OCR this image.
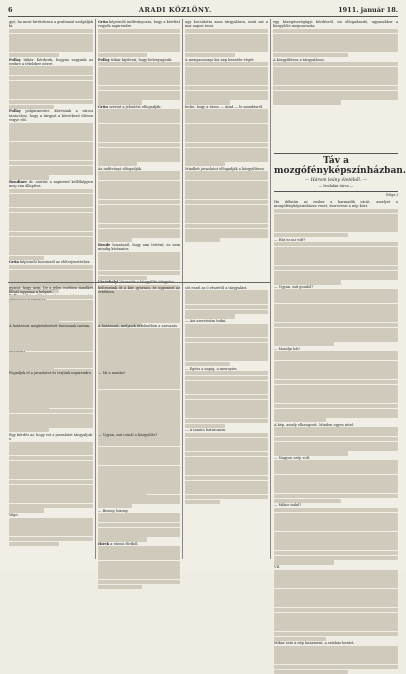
6	ARADI KÖZLÖNY.	1911. január 18.

gyó, ha most kivételesen a grafonnal szolgálják ki.

Pollay titkár. Kérdezik, hogyan vagyunk az ezekre a tételekre nézve.

Pollay polgármester. Kérésünk a városi tanácshoz, hogy a tárgyat a következő ülésen vegye elő.

Bendiner dr. szerint a napirend kellőképpen meg van állapítva.

Grün képviselő hozzászól az előterjesztéshez.

Grün képviselő indítványozza, hogy a kérdést vegyék napirendre.

Pollay titkár kijelenti, hogy belenyugszik.

Grün szerint a jelentést elfogadják.

Az indítványt elfogadják.

Bende hozzászól, hogy ami történt, az nem mindig kívánatos.

ugy bocsátotta azon tárgyalásra, mint azt a mai napon teszi.

A menyasszonyi kis nép beszéde végét.

lecke, hogy a város — Arad — le mondásról.

Mindkét javaslatot elfogadják a közgyűlésen.

egy közegészségügyi kérdésről, mi elfogadandó, ugyanakkor a közgyűlés megszavazta.

A közgyűlésen a tárgyaláson.

gyanit, hogy nem. De a jelen esetben mindkét félnél ugyanaz a helyzet.

A határozat megkérdezését fontosnak tartom.

Fogadjuk el a javaslatot és térjünk napirendre.

Egy kérdés az, hogy ezt a javaslatot tárgyaljuk-e.

Vége.

belteszünk őt a kör gyorsan, és ugyanezt az értékben.

A határozat, melynek értelmében a szavazás.

— Mi a munka?

— Ugyan, mit csinál a közgyűlés?

— Bizony, bizony.

Hírek a városi életből.

sőt ezzel az ő részéről a tárgyalást.

— Azt szeretném tudni.

— Egész a napig, a mennyire.

— A tanács határozata.

Táv a mozgófényképszínházban.

— Három leány életéből. —

— Irodalmi tárca —

(Vége.)

Ha délután az ember a harmadik utcát, amelyet a mozgófényképszínházra vezet, észreveszi a nép közt.

— Hát ez mi volt?

— Ugyan, mit gondol?

— Mondja hát!

A kép, amely elhangzott. Minden egyes néző.

— Nagyon szép volt.

— Mikor indul?

VII.

Mikor este a nép hazament, a színház bezárt.
